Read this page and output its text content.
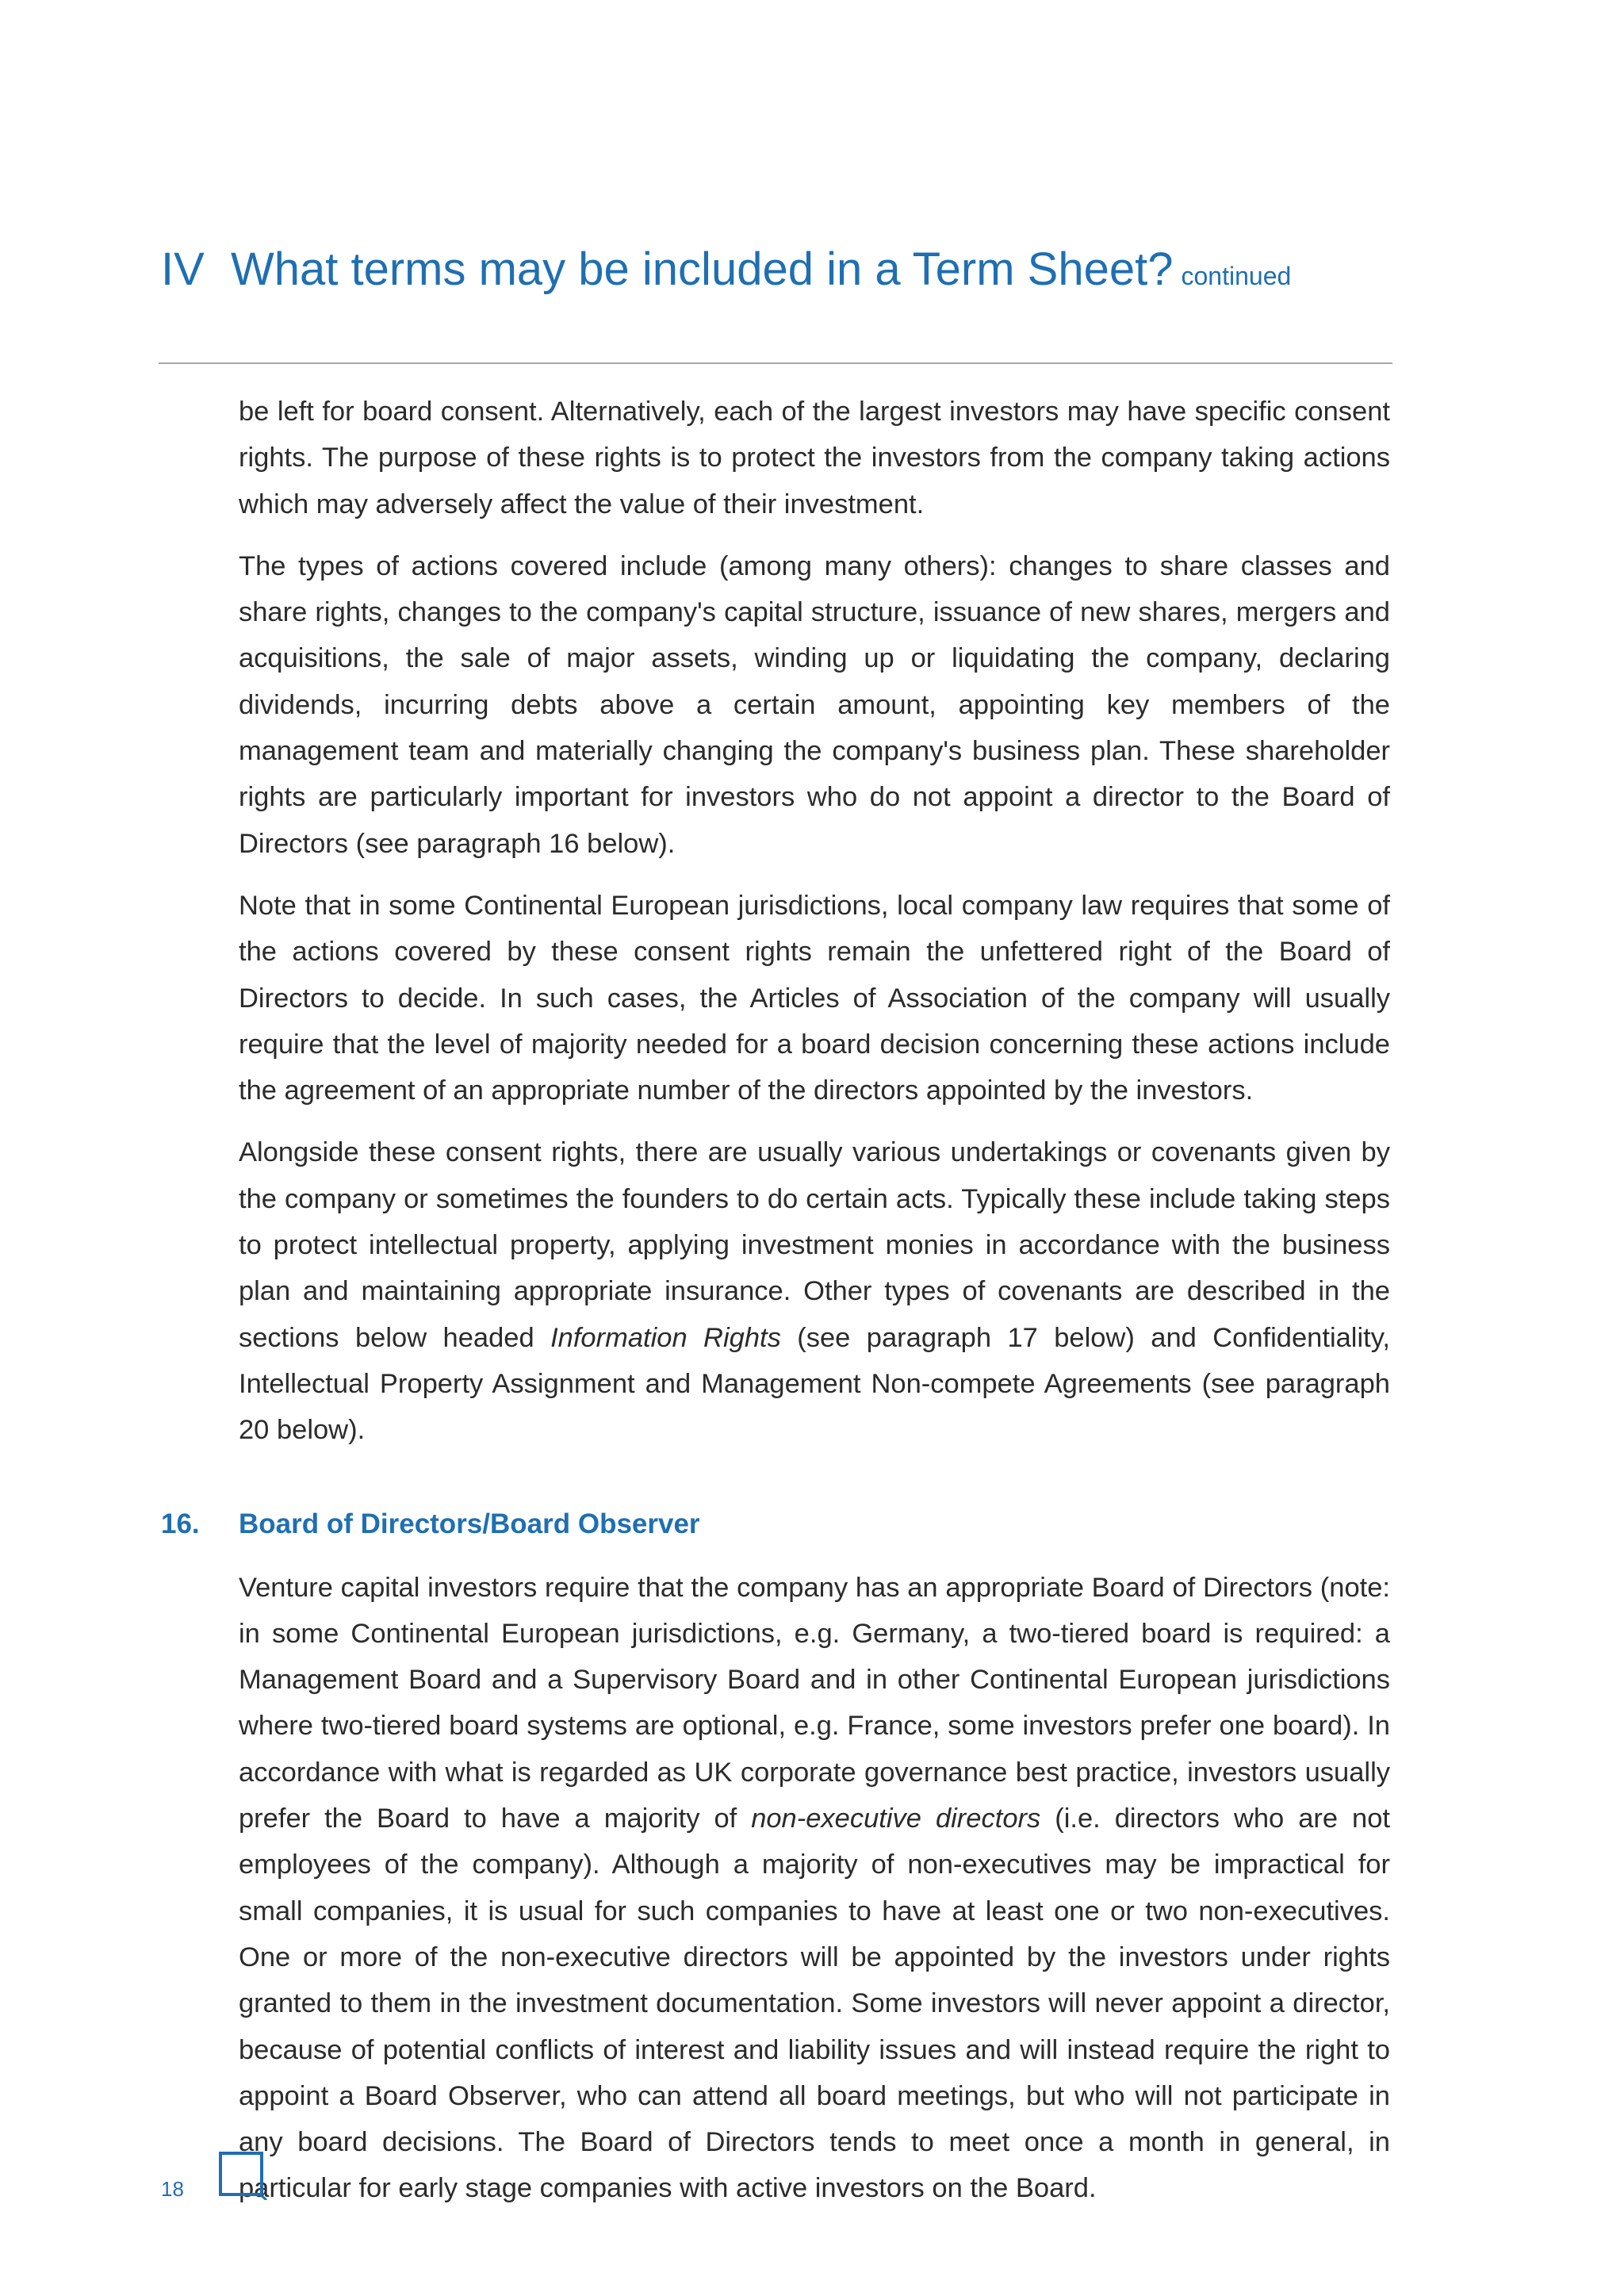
IV What terms may be included in a Term Sheet? continued

be left for board consent. Alternatively, each of the largest investors may have specific consent rights. The purpose of these rights is to protect the investors from the company taking actions which may adversely affect the value of their investment.

The types of actions covered include (among many others): changes to share classes and share rights, changes to the company's capital structure, issuance of new shares, mergers and acquisitions, the sale of major assets, winding up or liquidating the company, declaring dividends, incurring debts above a certain amount, appointing key members of the management team and materially changing the company's business plan. These shareholder rights are particularly important for investors who do not appoint a director to the Board of Directors (see paragraph 16 below).

Note that in some Continental European jurisdictions, local company law requires that some of the actions covered by these consent rights remain the unfettered right of the Board of Directors to decide. In such cases, the Articles of Association of the company will usually require that the level of majority needed for a board decision concerning these actions include the agreement of an appropriate number of the directors appointed by the investors.

Alongside these consent rights, there are usually various undertakings or covenants given by the company or sometimes the founders to do certain acts. Typically these include taking steps to protect intellectual property, applying investment monies in accordance with the business plan and maintaining appropriate insurance. Other types of covenants are described in the sections below headed Information Rights (see paragraph 17 below) and Confidentiality, Intellectual Property Assignment and Management Non-compete Agreements (see paragraph 20 below).

16. Board of Directors/Board Observer

Venture capital investors require that the company has an appropriate Board of Directors (note: in some Continental European jurisdictions, e.g. Germany, a two-tiered board is required: a Management Board and a Supervisory Board and in other Continental European jurisdictions where two-tiered board systems are optional, e.g. France, some investors prefer one board). In accordance with what is regarded as UK corporate governance best practice, investors usually prefer the Board to have a majority of non-executive directors (i.e. directors who are not employees of the company). Although a majority of non-executives may be impractical for small companies, it is usual for such companies to have at least one or two non-executives. One or more of the non-executive directors will be appointed by the investors under rights granted to them in the investment documentation. Some investors will never appoint a director, because of potential conflicts of interest and liability issues and will instead require the right to appoint a Board Observer, who can attend all board meetings, but who will not participate in any board decisions. The Board of Directors tends to meet once a month in general, in particular for early stage companies with active investors on the Board.

18
